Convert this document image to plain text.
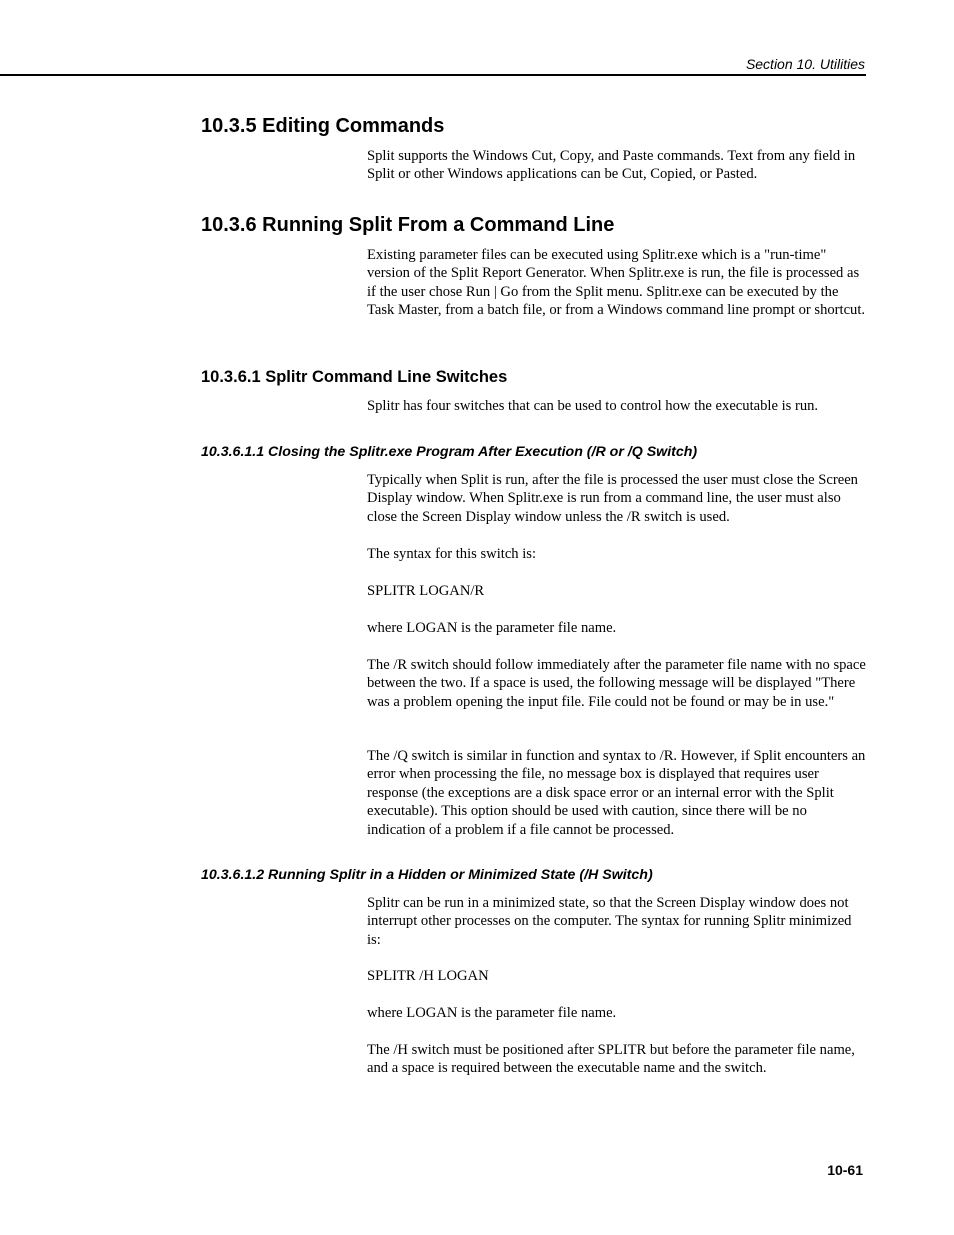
Section 10. Utilities
10.3.5 Editing Commands

Split supports the Windows Cut, Copy, and Paste commands. Text from any field in Split or other Windows applications can be Cut, Copied, or Pasted.

10.3.6 Running Split From a Command Line

Existing parameter files can be executed using Splitr.exe which is a "run-time" version of the Split Report Generator. When Splitr.exe is run, the file is processed as if the user chose Run | Go from the Split menu. Splitr.exe can be executed by the Task Master, from a batch file, or from a Windows command line prompt or shortcut.

10.3.6.1 Splitr Command Line Switches

Splitr has four switches that can be used to control how the executable is run.

10.3.6.1.1 Closing the Splitr.exe Program After Execution (/R or /Q Switch)

Typically when Split is run, after the file is processed the user must close the Screen Display window. When Splitr.exe is run from a command line, the user must also close the Screen Display window unless the /R switch is used.

The syntax for this switch is:

SPLITR LOGAN/R

where LOGAN is the parameter file name.

The /R switch should follow immediately after the parameter file name with no space between the two. If a space is used, the following message will be displayed "There was a problem opening the input file. File could not be found or may be in use."

The /Q switch is similar in function and syntax to /R. However, if Split encounters an error when processing the file, no message box is displayed that requires user response (the exceptions are a disk space error or an internal error with the Split executable). This option should be used with caution, since there will be no indication of a problem if a file cannot be processed.

10.3.6.1.2 Running Splitr in a Hidden or Minimized State (/H Switch)

Splitr can be run in a minimized state, so that the Screen Display window does not interrupt other processes on the computer. The syntax for running Splitr minimized is:

SPLITR /H LOGAN

where LOGAN is the parameter file name.

The /H switch must be positioned after SPLITR but before the parameter file name, and a space is required between the executable name and the switch.

10-61
